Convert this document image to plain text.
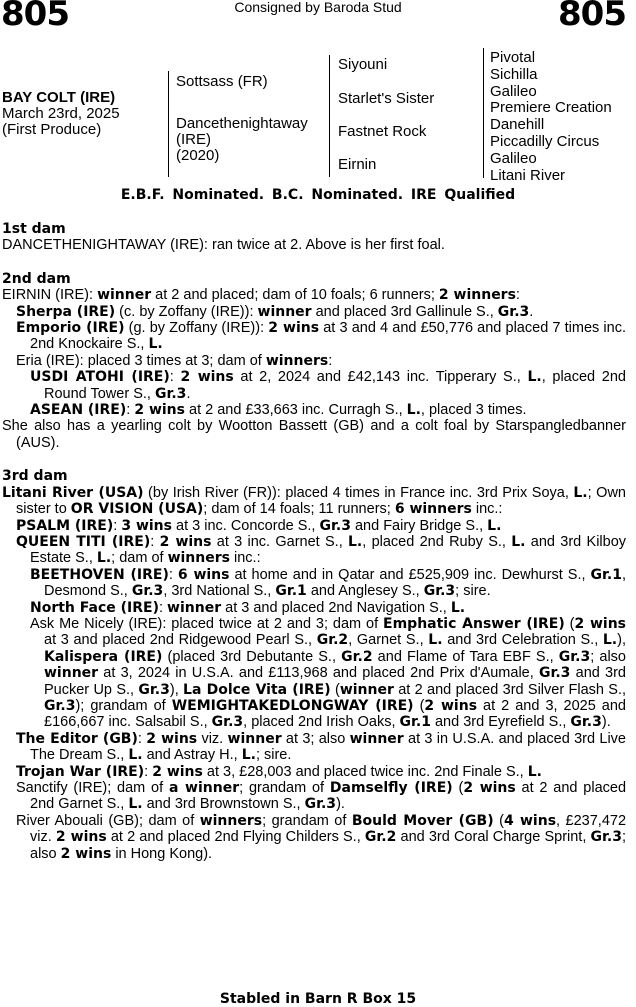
805	Consigned by Baroda Stud	805
BAY COLT (IRE)
March 23rd, 2025
(First Produce)
Sottsass (FR)
Dancethenightaway
(IRE)
(2020)
Siyouni
Starlet's Sister
Fastnet Rock
Eirnin
Pivotal
Sichilla
Galileo
Premiere Creation
Danehill
Piccadilly Circus
Galileo
Litani River
E.B.F. Nominated. B.C. Nominated. IRE Qualified
1st dam

DANCETHENIGHTAWAY (IRE): ran twice at 2. Above is her first foal.

2nd dam

EIRNIN (IRE): winner at 2 and placed; dam of 10 foals; 6 runners; 2 winners:

Sherpa (IRE) (c. by Zoffany (IRE)): winner and placed 3rd Gallinule S., Gr.3.

Emporio (IRE) (g. by Zoffany (IRE)): 2 wins at 3 and 4 and £50,776 and placed 7 times inc. 2nd Knockaire S., L.

Eria (IRE): placed 3 times at 3; dam of winners:

USDI ATOHI (IRE): 2 wins at 2, 2024 and £42,143 inc. Tipperary S., L., placed 2nd Round Tower S., Gr.3.

ASEAN (IRE): 2 wins at 2 and £33,663 inc. Curragh S., L., placed 3 times.

She also has a yearling colt by Wootton Bassett (GB) and a colt foal by Starspangledbanner (AUS).

3rd dam

Litani River (USA) (by Irish River (FR)): placed 4 times in France inc. 3rd Prix Soya, L.; Own sister to OR VISION (USA); dam of 14 foals; 11 runners; 6 winners inc.:

PSALM (IRE): 3 wins at 3 inc. Concorde S., Gr.3 and Fairy Bridge S., L.

QUEEN TITI (IRE): 2 wins at 3 inc. Garnet S., L., placed 2nd Ruby S., L. and 3rd Kilboy Estate S., L.; dam of winners inc.:

BEETHOVEN (IRE): 6 wins at home and in Qatar and £525,909 inc. Dewhurst S., Gr.1, Desmond S., Gr.3, 3rd National S., Gr.1 and Anglesey S., Gr.3; sire.

North Face (IRE): winner at 3 and placed 2nd Navigation S., L.

Ask Me Nicely (IRE): placed twice at 2 and 3; dam of Emphatic Answer (IRE) (2 wins at 3 and placed 2nd Ridgewood Pearl S., Gr.2, Garnet S., L. and 3rd Celebration S., L.), Kalispera (IRE) (placed 3rd Debutante S., Gr.2 and Flame of Tara EBF S., Gr.3; also winner at 3, 2024 in U.S.A. and £113,968 and placed 2nd Prix d'Aumale, Gr.3 and 3rd Pucker Up S., Gr.3), La Dolce Vita (IRE) (winner at 2 and placed 3rd Silver Flash S., Gr.3); grandam of WEMIGHTAKEDLONGWAY (IRE) (2 wins at 2 and 3, 2025 and £166,667 inc. Salsabil S., Gr.3, placed 2nd Irish Oaks, Gr.1 and 3rd Eyrefield S., Gr.3).

The Editor (GB): 2 wins viz. winner at 3; also winner at 3 in U.S.A. and placed 3rd Live The Dream S., L. and Astray H., L.; sire.

Trojan War (IRE): 2 wins at 3, £28,003 and placed twice inc. 2nd Finale S., L.

Sanctify (IRE); dam of a winner; grandam of Damselfly (IRE) (2 wins at 2 and placed 2nd Garnet S., L. and 3rd Brownstown S., Gr.3).

River Abouali (GB); dam of winners; grandam of Bould Mover (GB) (4 wins, £237,472 viz. 2 wins at 2 and placed 2nd Flying Childers S., Gr.2 and 3rd Coral Charge Sprint, Gr.3; also 2 wins in Hong Kong).

Stabled in Barn R Box 15
